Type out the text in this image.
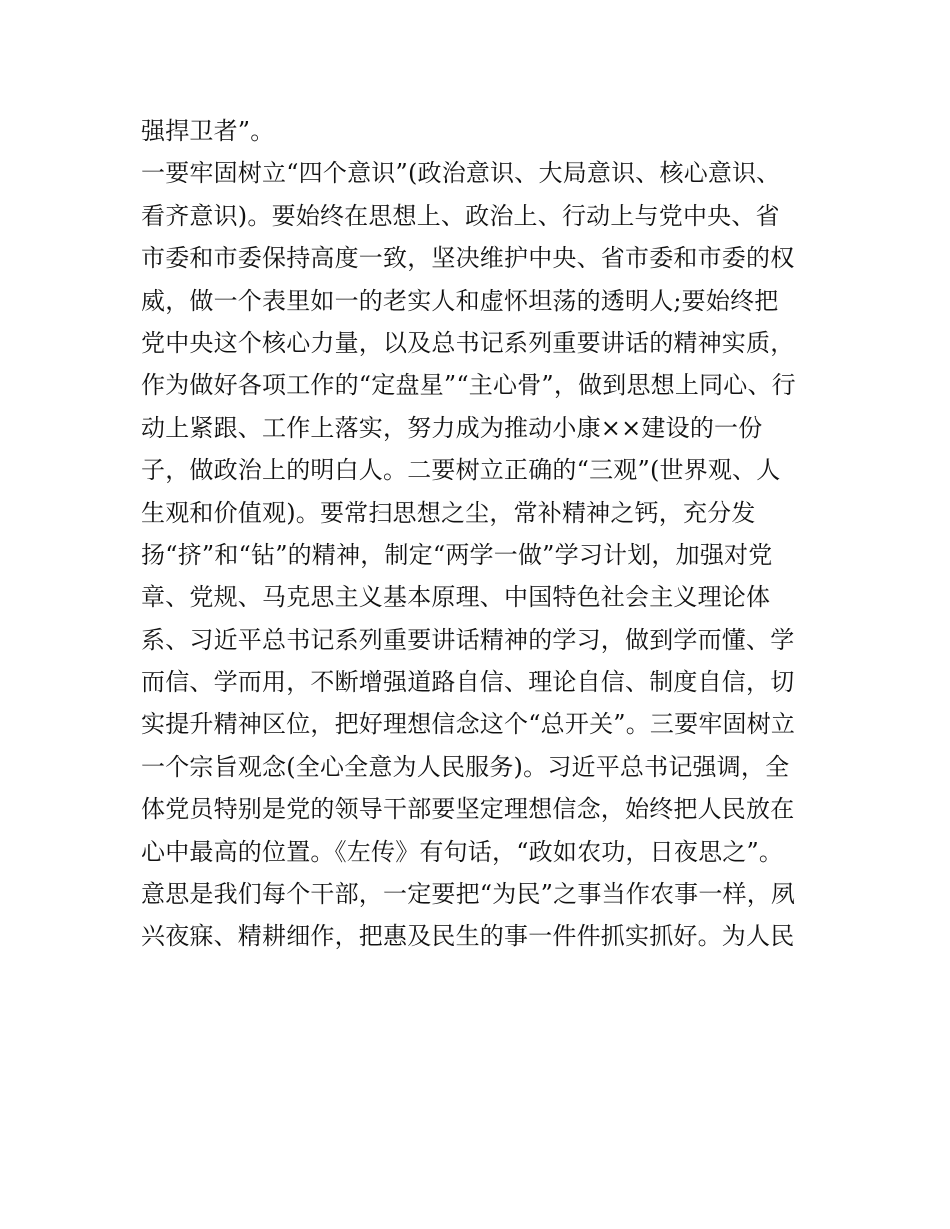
强捍卫者”。
一要牢固树立“四个意识”(政治意识、大局意识、核心意识、
看齐意识)。要始终在思想上、政治上、行动上与党中央、省
市委和市委保持高度一致，坚决维护中央、省市委和市委的权
威，做一个表里如一的老实人和虚怀坦荡的透明人;要始终把
党中央这个核心力量，以及总书记系列重要讲话的精神实质，
作为做好各项工作的“定盘星”“主心骨”，做到思想上同心、行
动上紧跟、工作上落实，努力成为推动小康××建设的一份
子，做政治上的明白人。二要树立正确的“三观”(世界观、人
生观和价值观)。要常扫思想之尘，常补精神之钙，充分发
扬“挤”和“钻”的精神，制定“两学一做”学习计划，加强对党
章、党规、马克思主义基本原理、中国特色社会主义理论体
系、习近平总书记系列重要讲话精神的学习，做到学而懂、学
而信、学而用，不断增强道路自信、理论自信、制度自信，切
实提升精神区位，把好理想信念这个“总开关”。三要牢固树立
一个宗旨观念(全心全意为人民服务)。习近平总书记强调，全
体党员特别是党的领导干部要坚定理想信念，始终把人民放在
心中最高的位置。《左传》有句话，“政如农功，日夜思之”。
意思是我们每个干部，一定要把“为民”之事当作农事一样，夙
兴夜寐、精耕细作，把惠及民生的事一件件抓实抓好。为人民
